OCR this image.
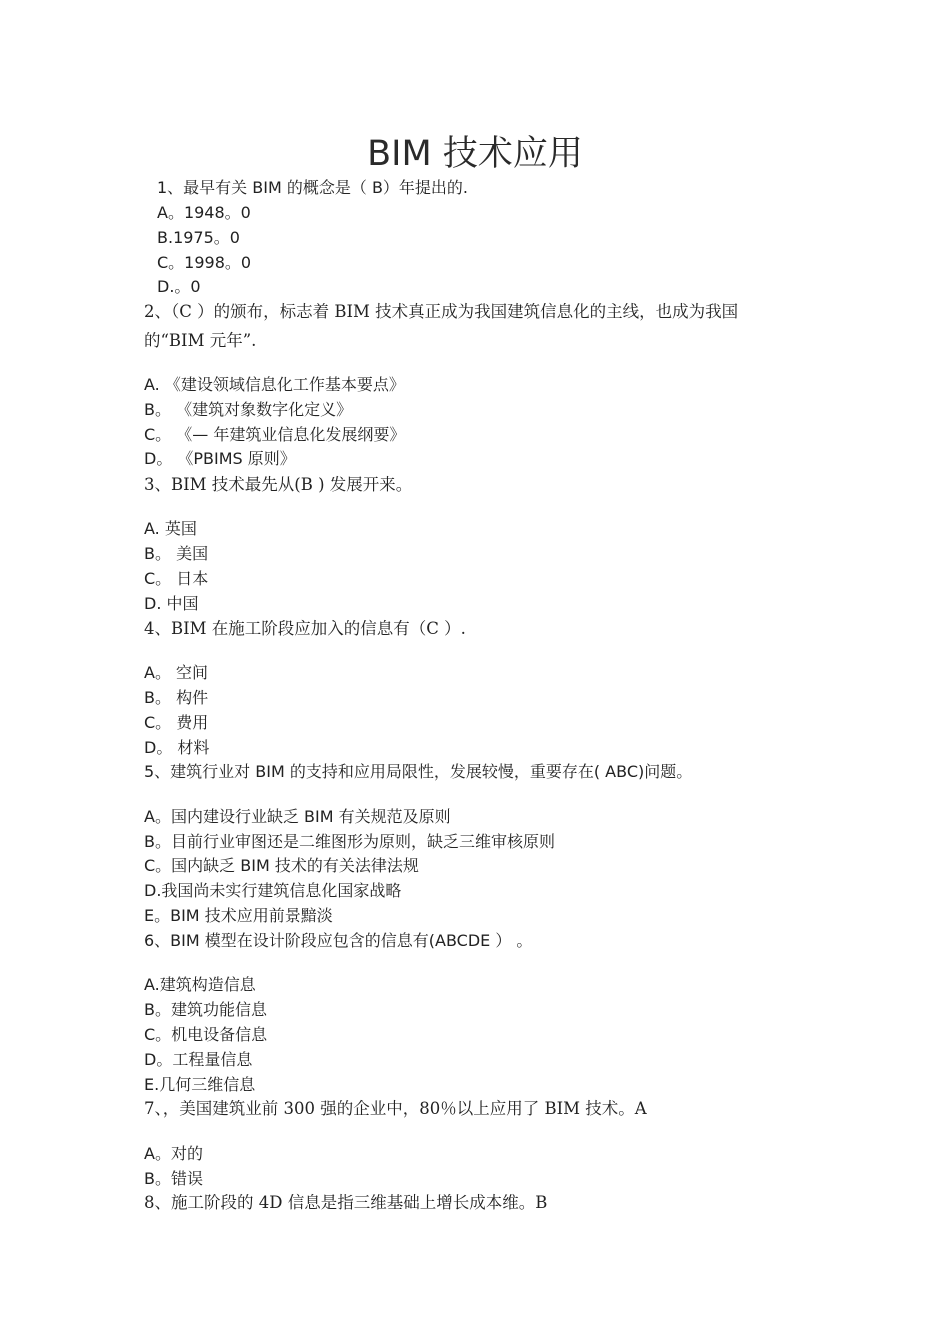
BIM 技术应用
1、最早有关 BIM 的概念是（ B）年提出的.
A。1948。0
B.1975。0
C。1998。0
D.。0
2、（C ）的颁布，标志着 BIM 技术真正成为我国建筑信息化的主线，也成为我国
的“BIM 元年”.
A. 《建设领域信息化工作基本要点》
B。 《建筑对象数字化定义》
C。 《— 年建筑业信息化发展纲要》
D。 《PBIMS 原则》
3、BIM 技术最先从(B ) 发展开来。
A. 英国
B。 美国
C。 日本
D. 中国
4、BIM 在施工阶段应加入的信息有（C ）.
A。 空间
B。 构件
C。 费用
D。 材料
5、建筑行业对 BIM 的支持和应用局限性，发展较慢，重要存在( ABC)问题。
A。国内建设行业缺乏 BIM 有关规范及原则
B。目前行业审图还是二维图形为原则，缺乏三维审核原则
C。国内缺乏 BIM 技术的有关法律法规
D.我国尚未实行建筑信息化国家战略
E。BIM 技术应用前景黯淡
6、BIM 模型在设计阶段应包含的信息有(ABCDE ） 。
A.建筑构造信息
B。建筑功能信息
C。机电设备信息
D。工程量信息
E.几何三维信息
7、，美国建筑业前 300 强的企业中，80％以上应用了 BIM 技术。A
A。对的
B。错误
8、施工阶段的 4D 信息是指三维基础上增长成本维。B
